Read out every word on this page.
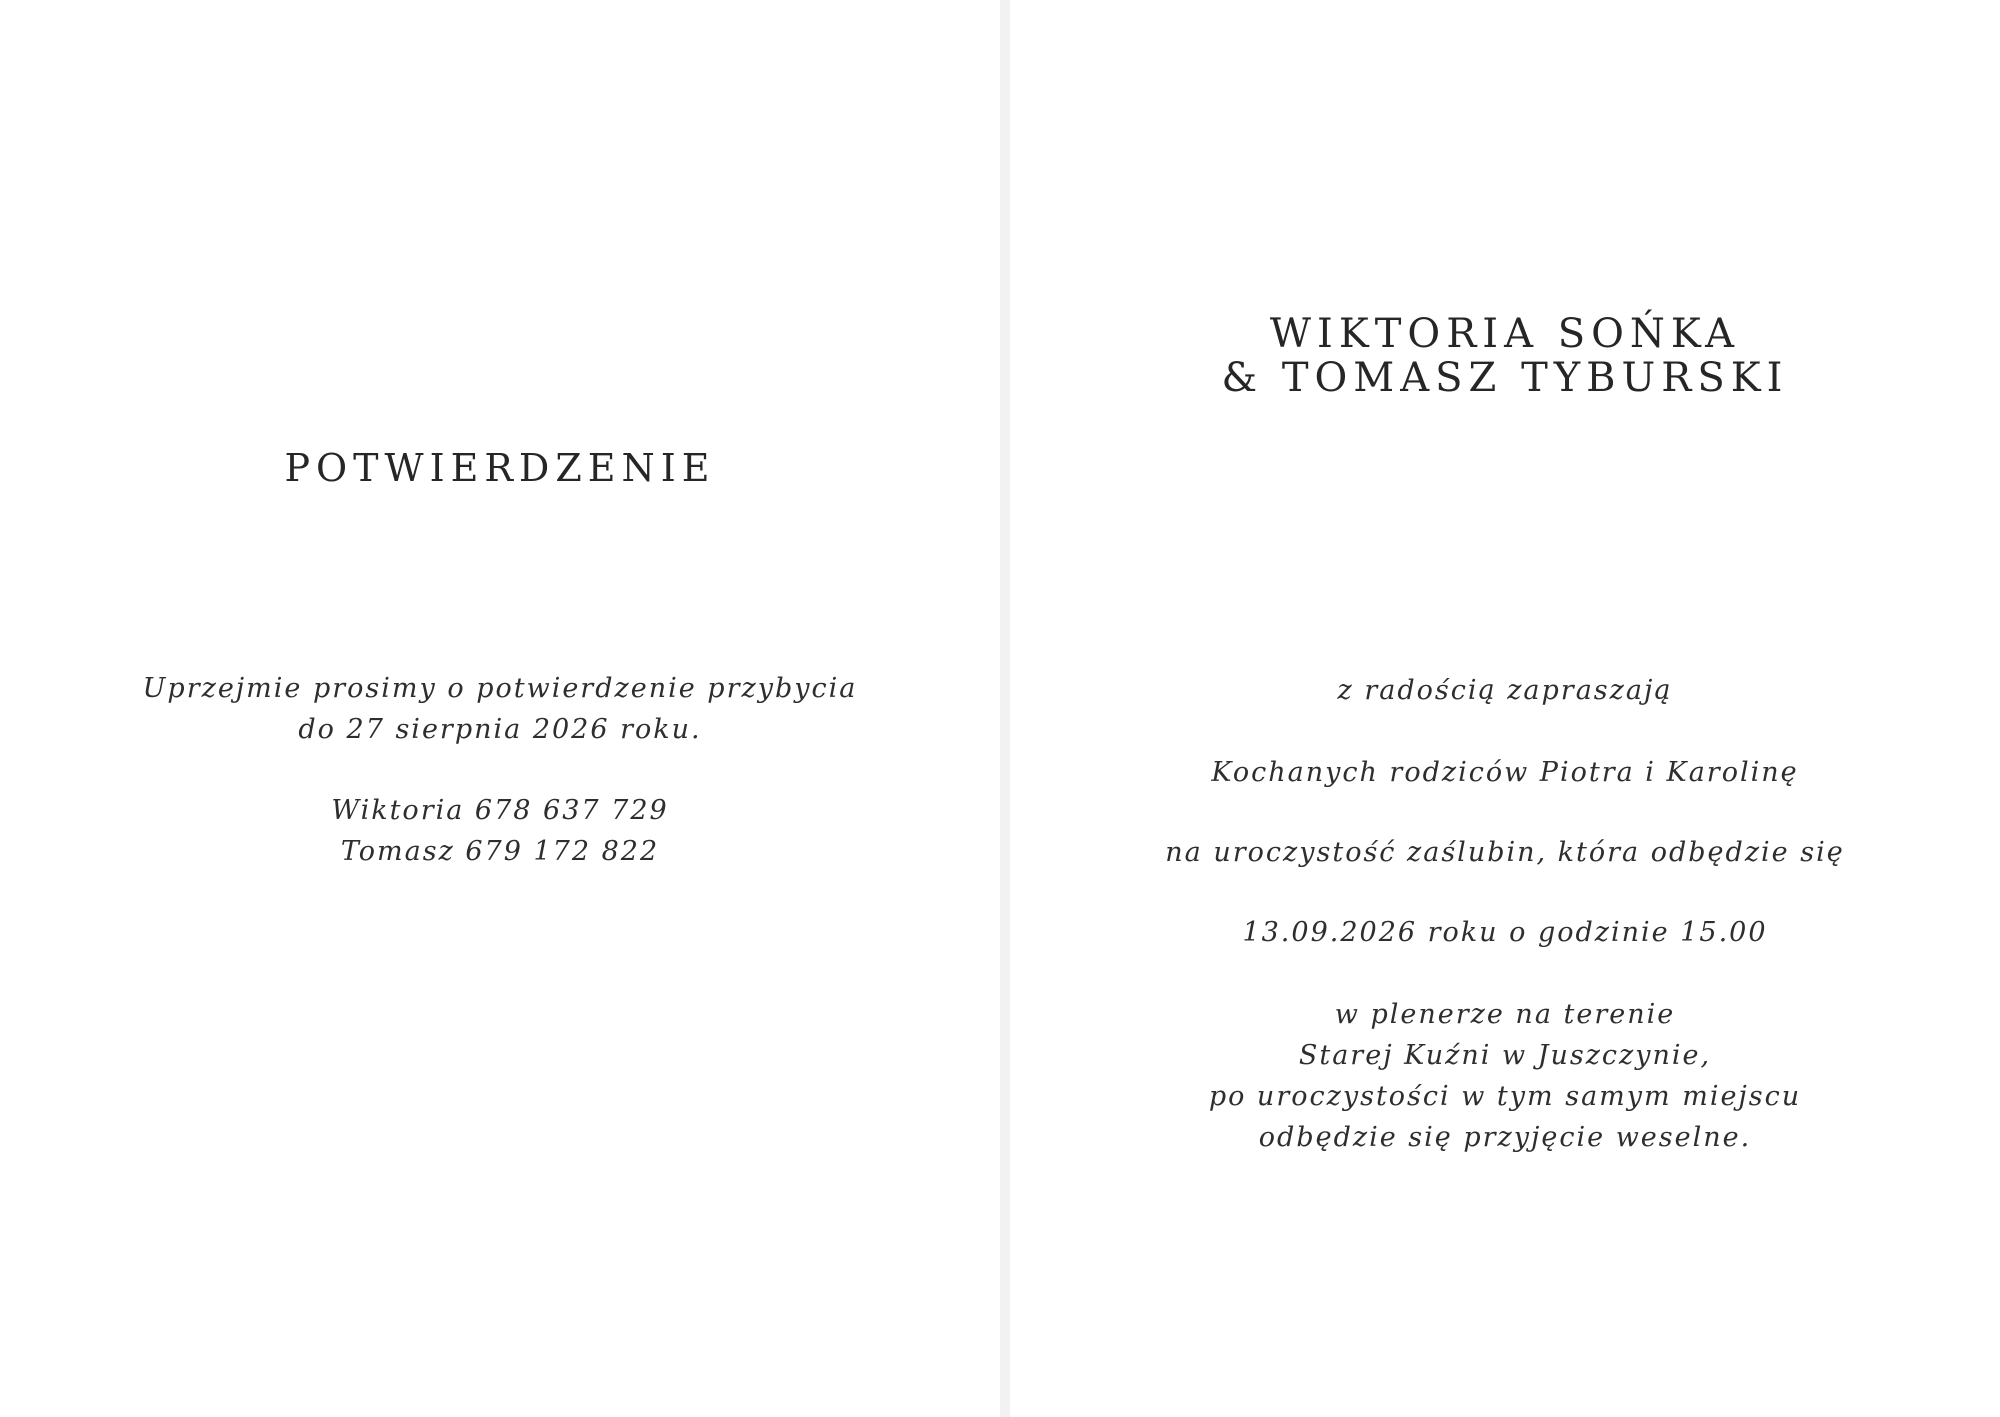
POTWIERDZENIE

Uprzejmie prosimy o potwierdzenie przybycia
do 27 sierpnia 2026 roku.

Wiktoria 678 637 729
Tomasz 679 172 822

WIKTORIA SOŃKA
& TOMASZ TYBURSKI

z radością zapraszają

Kochanych rodziców Piotra i Karolinę

na uroczystość zaślubin, która odbędzie się

13.09.2026 roku o godzinie 15.00

w plenerze na terenie
Starej Kuźni w Juszczynie,
po uroczystości w tym samym miejscu
odbędzie się przyjęcie weselne.
